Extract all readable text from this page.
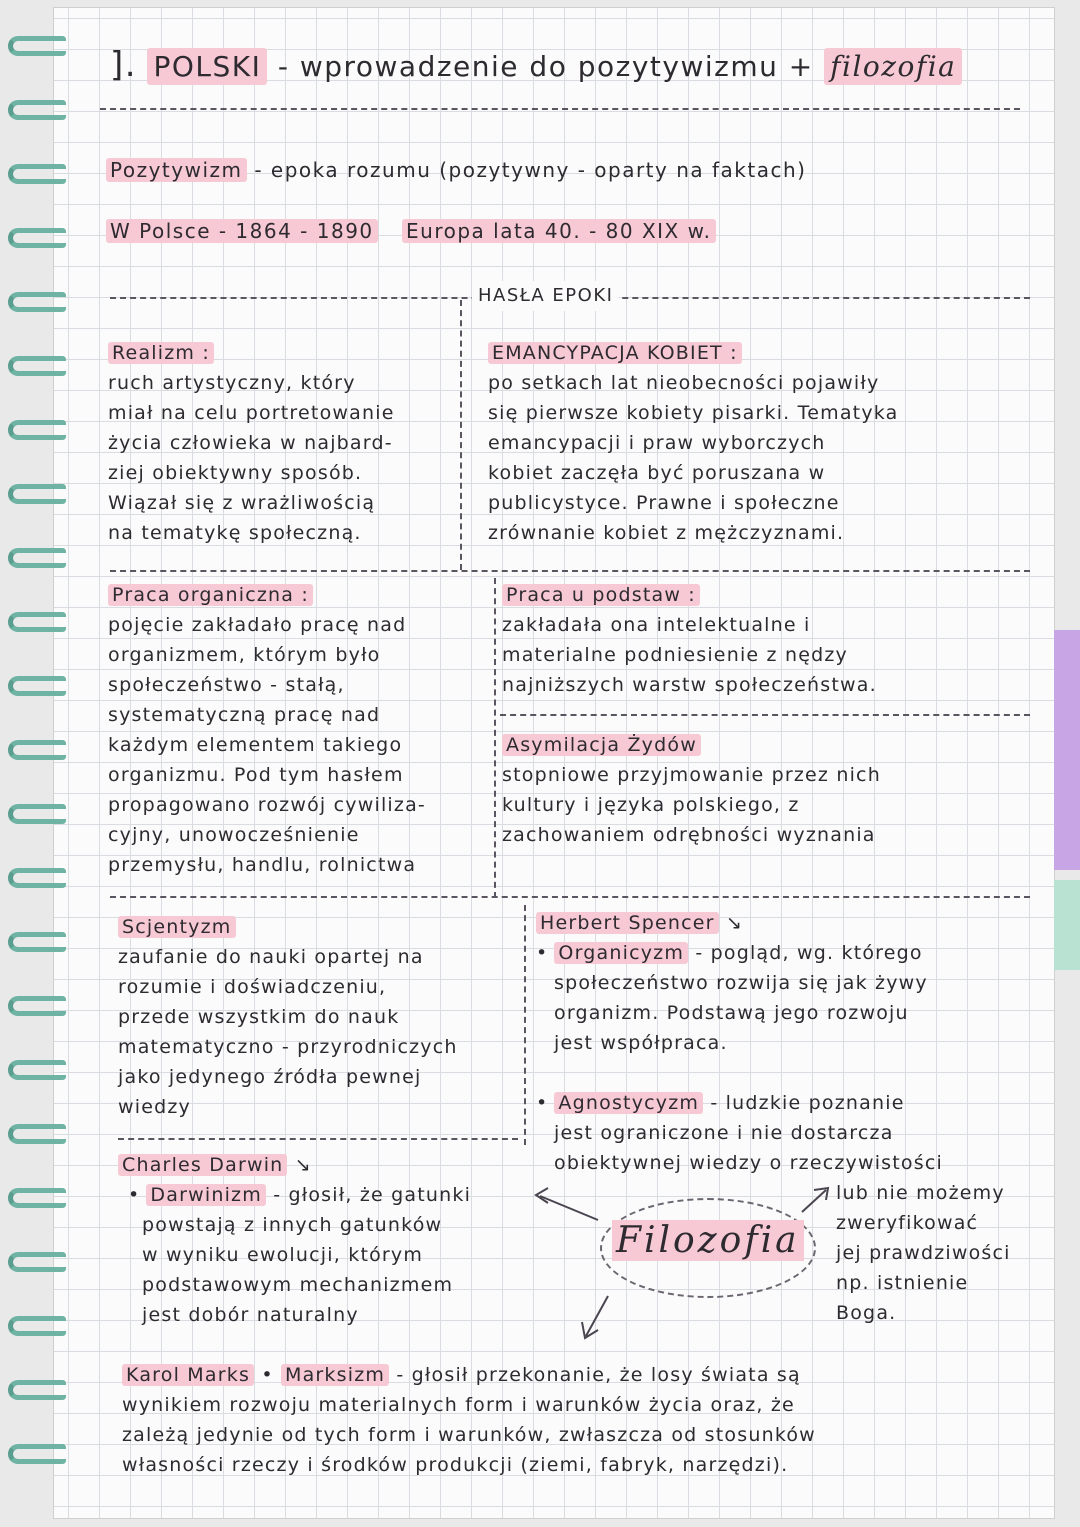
]. POLSKI - wprowadzenie do pozytywizmu + filozofia
Pozytywizm - epoka rozumu (pozytywny - oparty na faktach)
W Polsce - 1864 - 1890 Europa lata 40. - 80 XIX w.
HASŁA EPOKI
Realizm :
ruch artystyczny, który
miał na celu portretowanie
życia człowieka w najbard-
ziej obiektywny sposób.
Wiązał się z wrażliwością
na tematykę społeczną.
EMANCYPACJA KOBIET :
po setkach lat nieobecności pojawiły
się pierwsze kobiety pisarki. Tematyka
emancypacji i praw wyborczych
kobiet zaczęła być poruszana w
publicystyce. Prawne i społeczne
zrównanie kobiet z mężczyznami.
Praca organiczna :
pojęcie zakładało pracę nad
organizmem, którym było
społeczeństwo - stałą,
systematyczną pracę nad
każdym elementem takiego
organizmu. Pod tym hasłem
propagowano rozwój cywiliza-
cyjny, unowocześnienie
przemysłu, handlu, rolnictwa
Praca u podstaw :
zakładała ona intelektualne i
materialne podniesienie z nędzy
najniższych warstw społeczeństwa.
Asymilacja Żydów
stopniowe przyjmowanie przez nich
kultury i języka polskiego, z
zachowaniem odrębności wyznania
Scjentyzm
zaufanie do nauki opartej na
rozumie i doświadczeniu,
przede wszystkim do nauk
matematyczno - przyrodniczych
jako jedynego źródła pewnej
wiedzy
Herbert Spencer ↘
• Organicyzm - pogląd, wg. którego
społeczeństwo rozwija się jak żywy
organizm. Podstawą jego rozwoju
jest współpraca.
• Agnostycyzm - ludzkie poznanie
jest ograniczone i nie dostarcza
obiektywnej wiedzy o rzeczywistości
lub nie możemy
zweryfikować
jej prawdziwości
np. istnienie
Boga.
Charles Darwin ↘
• Darwinizm - głosił, że gatunki
powstają z innych gatunków
w wyniku ewolucji, którym
podstawowym mechanizmem
jest dobór naturalny
Filozofia
Karol Marks • Marksizm - głosił przekonanie, że losy świata są
wynikiem rozwoju materialnych form i warunków życia oraz, że
zależą jedynie od tych form i warunków, zwłaszcza od stosunków
własności rzeczy i środków produkcji (ziemi, fabryk, narzędzi).
